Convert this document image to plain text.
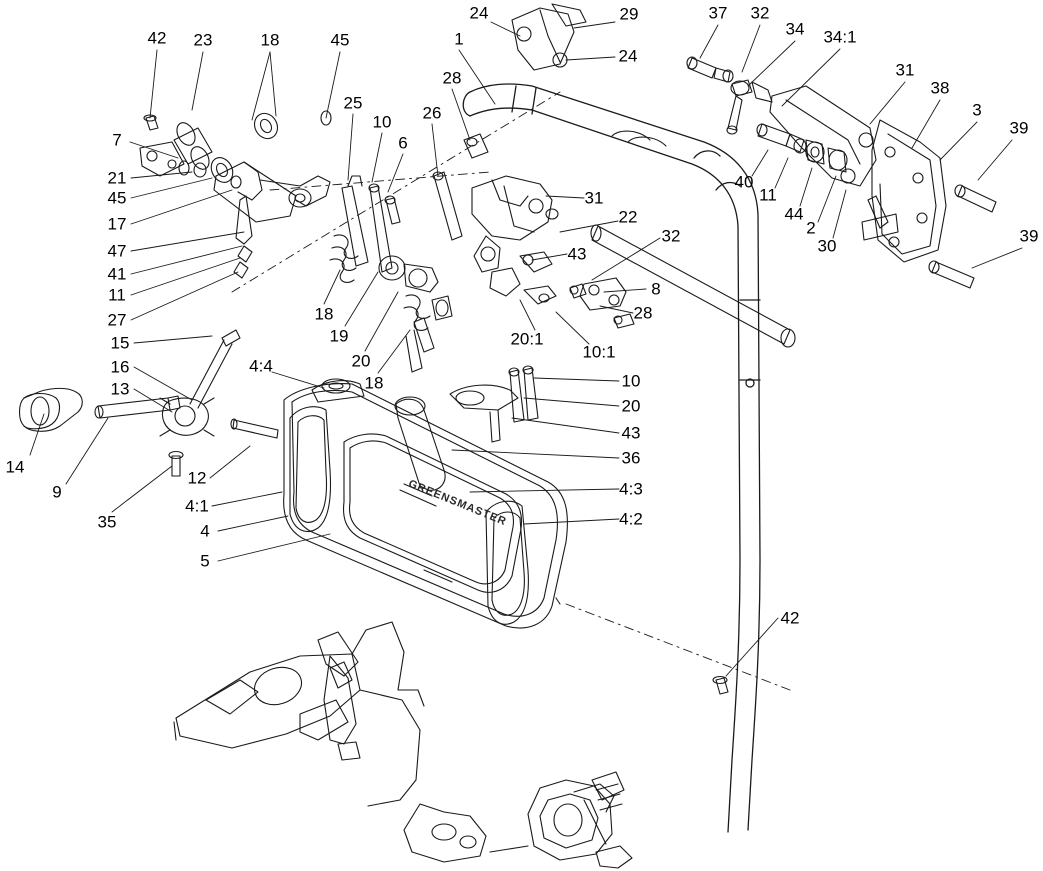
42 23	18	45
24	29	37 32
34 34:1
1
24
31
28
38
3
25
10 26
39
7	6
21
45
40
11
44
2
17
31
30
39
22
32
47	43
41
11	8
27	28
18
19	20:1
10:1
15
20
16	4:4
18
13	10
20
43
14
9
12
36
4:3
35
4:1
4
4:2
5
42
GREENSMASTER
